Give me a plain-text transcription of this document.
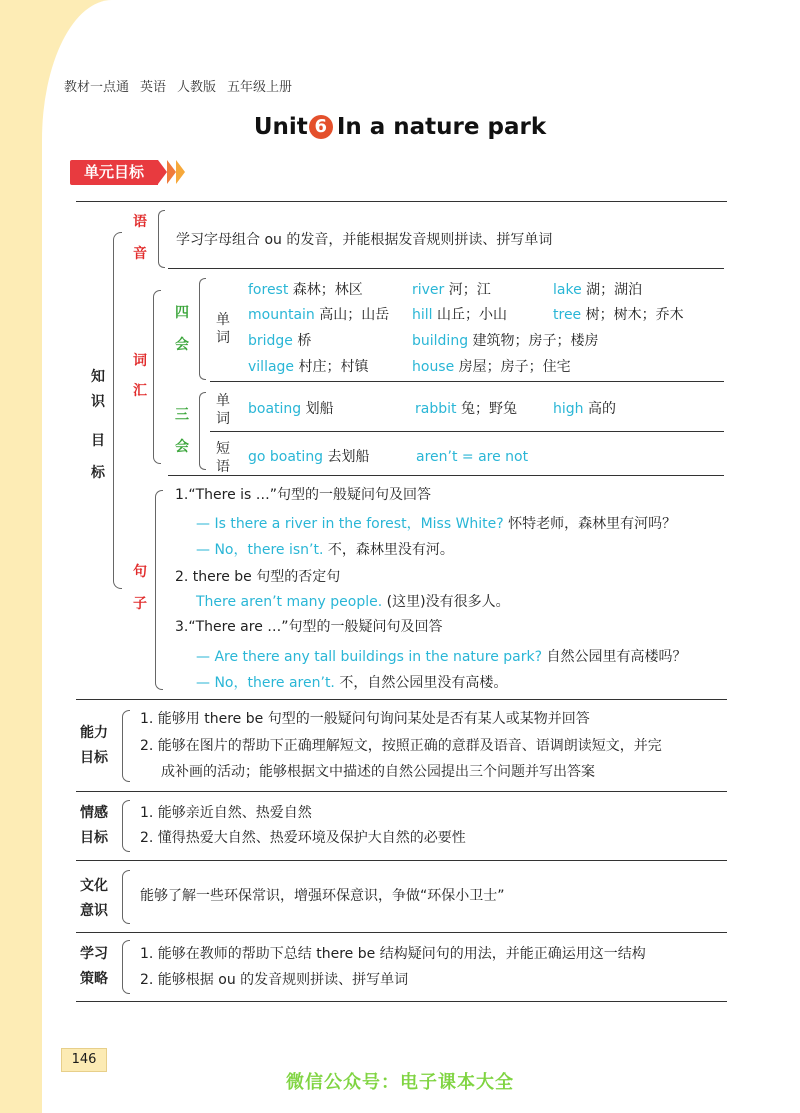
教材一点通 英语 人教版 五年级上册
Unit 6 In a nature park
单元目标
知
识
目
标
语
音
学习字母组合 ou 的发音，并能根据发音规则拼读、拼写单词
词
汇
四
会
单
词
forest 森林；林区	river 河；江	lake 湖；湖泊
mountain 高山；山岳 hill 山丘；小山	tree 树；树木；乔木
bridge 桥	building 建筑物；房子；楼房
village 村庄；村镇	house 房屋；房子；住宅
三
会
单
词
boating 划船	rabbit 兔；野兔	high 高的
短
语
go boating 去划船	aren’t = are not
句
子
1.“There is …”句型的一般疑问句及回答
— Is there a river in the forest，Miss White? 怀特老师，森林里有河吗？
— No，there isn’t. 不，森林里没有河。
2. there be 句型的否定句
There aren’t many people. (这里)没有很多人。
3.“There are …”句型的一般疑问句及回答
— Are there any tall buildings in the nature park? 自然公园里有高楼吗？
— No，there aren’t. 不，自然公园里没有高楼。
能力
目标
1. 能够用 there be 句型的一般疑问句询问某处是否有某人或某物并回答
2. 能够在图片的帮助下正确理解短文，按照正确的意群及语音、语调朗读短文，并完
成补画的活动；能够根据文中描述的自然公园提出三个问题并写出答案
情感
目标
1. 能够亲近自然、热爱自然
2. 懂得热爱大自然、热爱环境及保护大自然的必要性
文化
意识
能够了解一些环保常识，增强环保意识，争做“环保小卫士”
学习
策略
1. 能够在教师的帮助下总结 there be 结构疑问句的用法，并能正确运用这一结构
2. 能够根据 ou 的发音规则拼读、拼写单词
146
微信公众号：电子课本大全
